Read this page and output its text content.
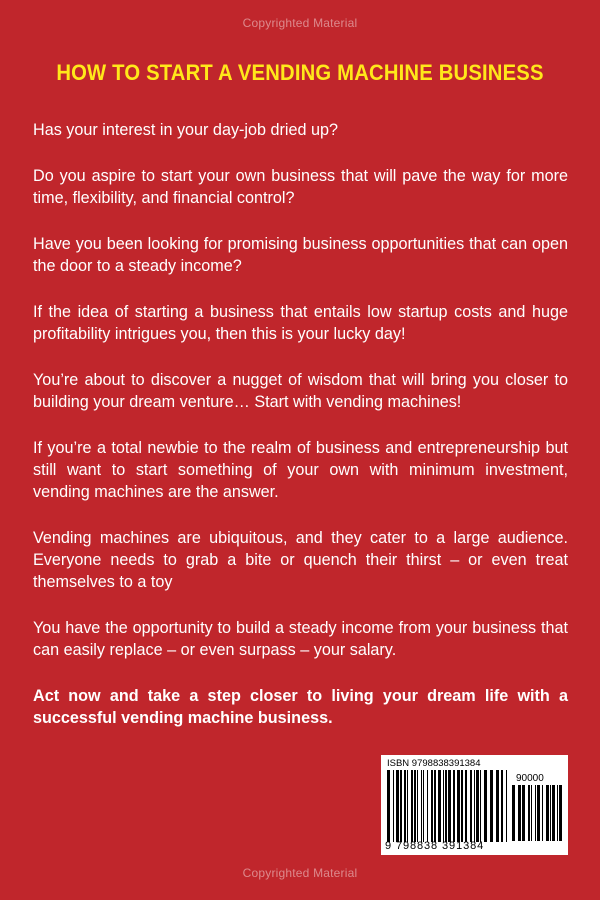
Copyrighted Material
HOW TO START A VENDING MACHINE BUSINESS

Has your interest in your day-job dried up?

Do you aspire to start your own business that will pave the way for more time, flexibility, and financial control?

Have you been looking for promising business opportunities that can open the door to a steady income?

If the idea of starting a business that entails low startup costs and huge profitability intrigues you, then this is your lucky day!

You’re about to discover a nugget of wisdom that will bring you closer to building your dream venture… Start with vending machines!

If you’re a total newbie to the realm of business and entrepreneurship but still want to start something of your own with minimum investment, vending machines are the answer.

Vending machines are ubiquitous, and they cater to a large audience. Everyone needs to grab a bite or quench their thirst – or even treat themselves to a toy

You have the opportunity to build a steady income from your business that can easily replace – or even surpass – your salary.

Act now and take a step closer to living your dream life with a successful vending machine business.

ISBN 9798838391384
90000
9 798838 391384
Copyrighted Material
